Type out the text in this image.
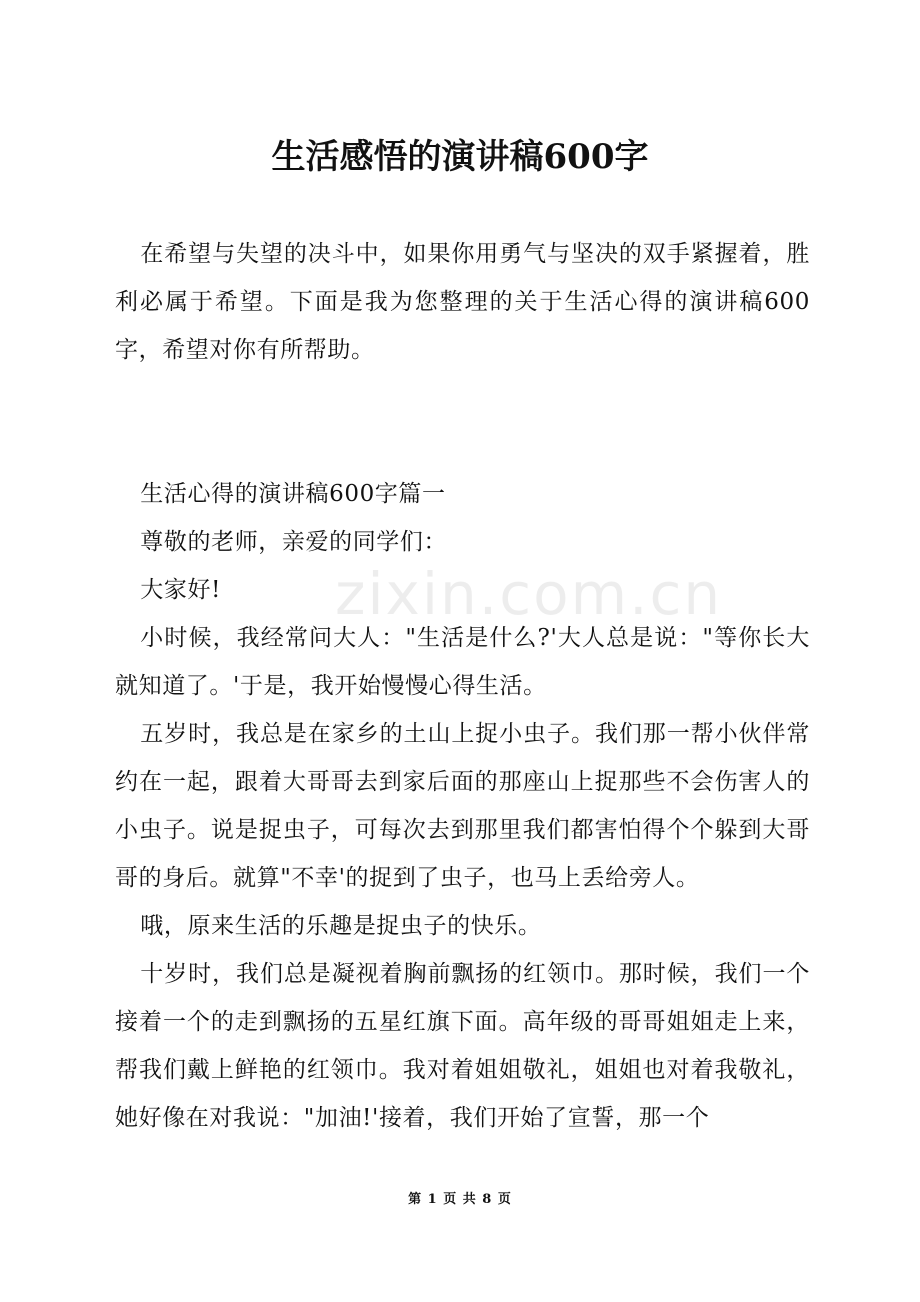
zixin.com.cn
生活感悟的演讲稿600字

在希望与失望的决斗中，如果你用勇气与坚决的双手紧握着，胜利必属于希望。下面是我为您整理的关于生活心得的演讲稿600字，希望对你有所帮助。

生活心得的演讲稿600字篇一

尊敬的老师，亲爱的同学们：

大家好!

小时候，我经常问大人："生活是什么?'大人总是说："等你长大就知道了。'于是，我开始慢慢心得生活。

五岁时，我总是在家乡的土山上捉小虫子。我们那一帮小伙伴常约在一起，跟着大哥哥去到家后面的那座山上捉那些不会伤害人的小虫子。说是捉虫子，可每次去到那里我们都害怕得个个躲到大哥哥的身后。就算"不幸'的捉到了虫子，也马上丢给旁人。

哦，原来生活的乐趣是捉虫子的快乐。

十岁时，我们总是凝视着胸前飘扬的红领巾。那时候，我们一个接着一个的走到飘扬的五星红旗下面。高年级的哥哥姐姐走上来，帮我们戴上鲜艳的红领巾。我对着姐姐敬礼，姐姐也对着我敬礼，她好像在对我说："加油!'接着，我们开始了宣誓，那一个

第 1 页 共 8 页
